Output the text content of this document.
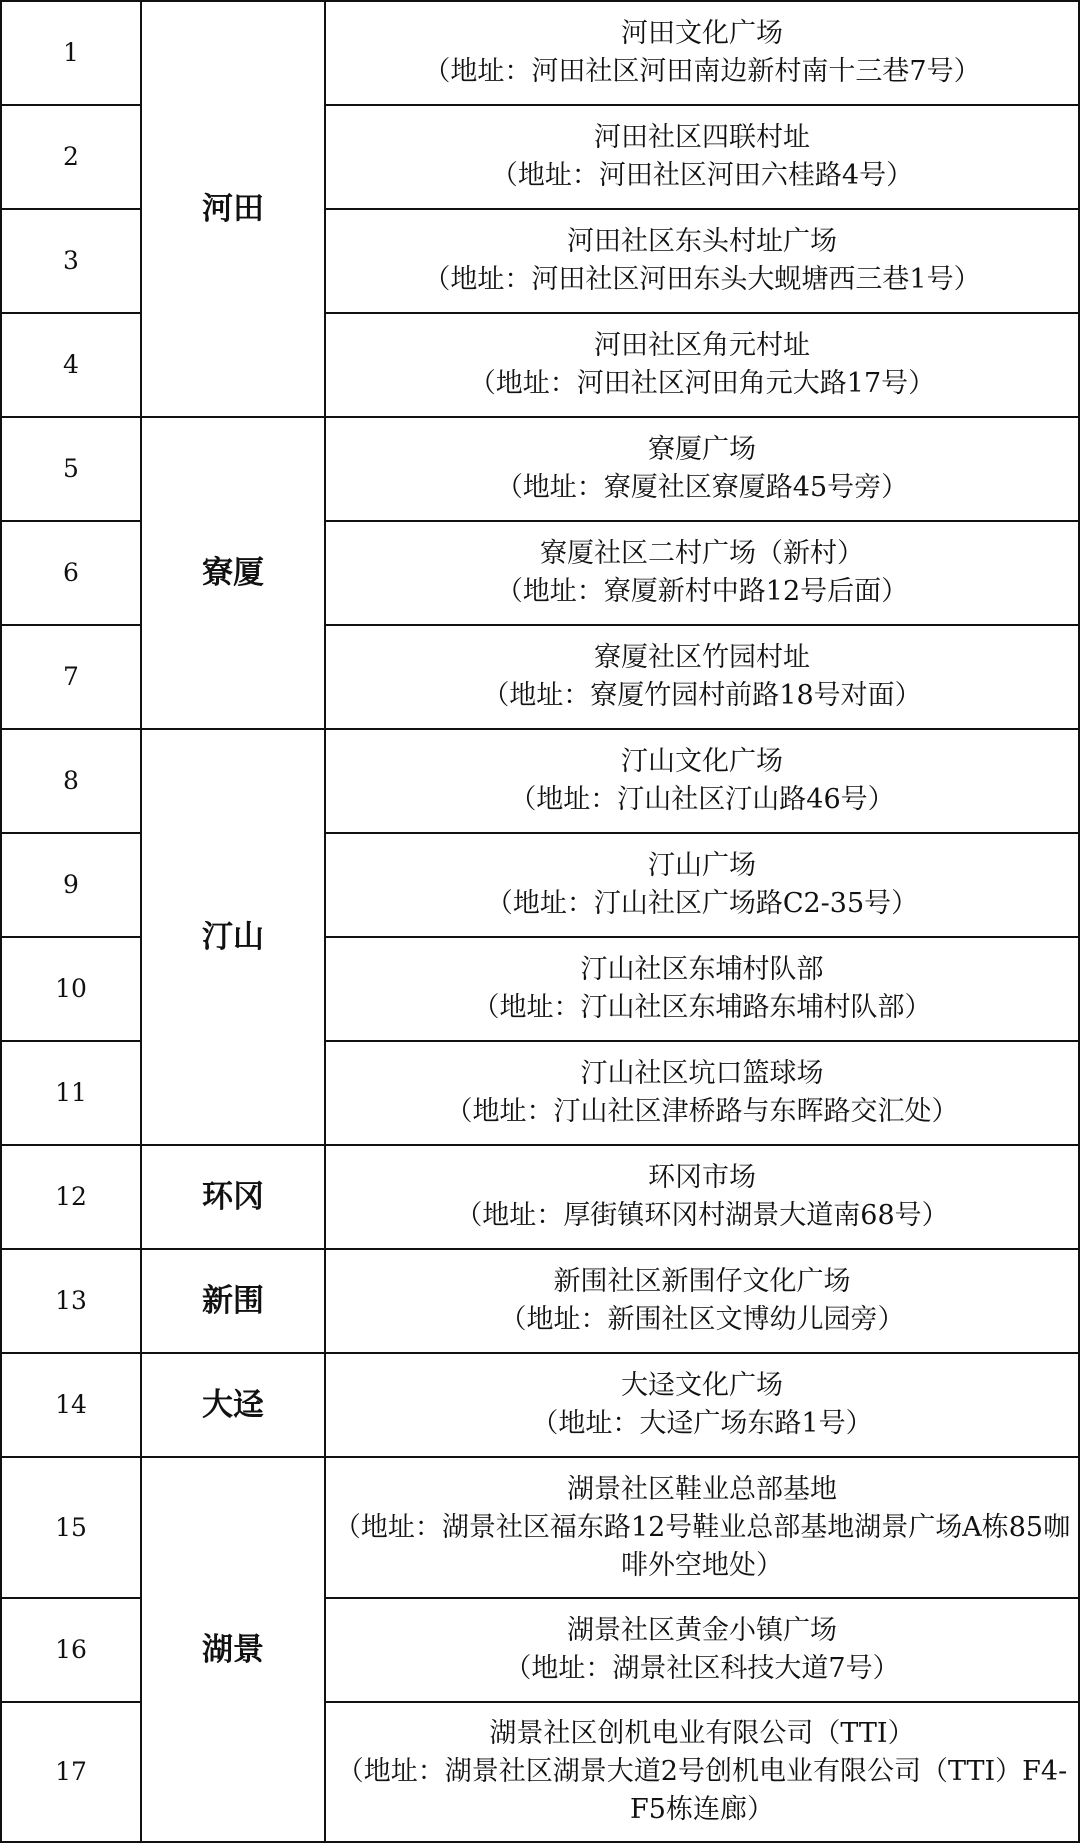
1	河田	河田文化广场
（地址：河田社区河田南边新村南十三巷7号）

2		河田社区四联村址
（地址：河田社区河田六桂路4号）

3		河田社区东头村址广场
（地址：河田社区河田东头大蚬塘西三巷1号）

4		河田社区角元村址
（地址：河田社区河田角元大路17号）

5	寮厦	寮厦广场
（地址：寮厦社区寮厦路45号旁）

6		寮厦社区二村广场（新村）
（地址：寮厦新村中路12号后面）

7		寮厦社区竹园村址
（地址：寮厦竹园村前路18号对面）

8	汀山	汀山文化广场
（地址：汀山社区汀山路46号）

9		汀山广场
（地址：汀山社区广场路C2-35号）

10		汀山社区东埔村队部
（地址：汀山社区东埔路东埔村队部）

11		汀山社区坑口篮球场
（地址：汀山社区津桥路与东晖路交汇处）

12	环冈	环冈市场
（地址：厚街镇环冈村湖景大道南68号）

13	新围	新围社区新围仔文化广场
（地址：新围社区文博幼儿园旁）

14	大迳	大迳文化广场
（地址：大迳广场东路1号）

15	湖景	湖景社区鞋业总部基地
（地址：湖景社区福东路12号鞋业总部基地湖景广场A栋85咖啡外空地处）

16		湖景社区黄金小镇广场
（地址：湖景社区科技大道7号）

17		湖景社区创机电业有限公司（TTI）
（地址：湖景社区湖景大道2号创机电业有限公司（TTI）F4-F5栋连廊）
